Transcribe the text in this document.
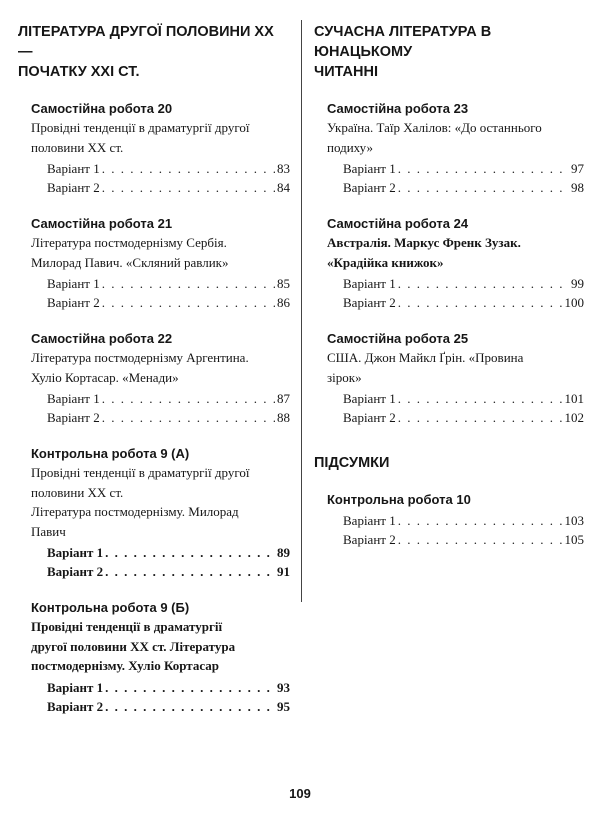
ЛІТЕРАТУРА ДРУГОЇ ПОЛОВИНИ XX —
ПОЧАТКУ XXI СТ.
Самостійна робота 20
Провідні тенденції в драматургії другої
половини XX ст.
Варіант 1 . . .	83
Варіант 2 . . .	84
Самостійна робота 21
Література постмодернізму Сербія.
Милорад Павич. «Скляний равлик»
Варіант 1 . . .	85
Варіант 2 . . .	86
Самостійна робота 22
Література постмодернізму Аргентина.
Хуліо Кортасар. «Менади»
Варіант 1 . . .	87
Варіант 2 . . .	88
Контрольна робота 9 (А)
Провідні тенденції в драматургії другої
половини XX ст.
Література постмодернізму. Милорад
Павич
Варіант 1 . . .	89
Варіант 2 . . .	91
Контрольна робота 9 (Б)
Провідні тенденції в драматургії
другої половини XX ст. Література
постмодернізму. Хуліо Кортасар
Варіант 1 . . .	93
Варіант 2 . . .	95
СУЧАСНА ЛІТЕРАТУРА В ЮНАЦЬКОМУ
ЧИТАННІ
Самостійна робота 23
Україна. Таїр Халілов: «До останнього
подиху»
Варіант 1 . . .	97
Варіант 2 . . .	98
Самостійна робота 24
Австралія. Маркус Френк Зузак.
«Крадійка книжок»
Варіант 1 . . .	99
Варіант 2 . . .	100
Самостійна робота 25
США. Джон Майкл Ґрін. «Провина
зірок»
Варіант 1 . . .	101
Варіант 2 . . .	102
ПІДСУМКИ
Контрольна робота 10
Варіант 1 . . .	103
Варіант 2 . . .	105
109
